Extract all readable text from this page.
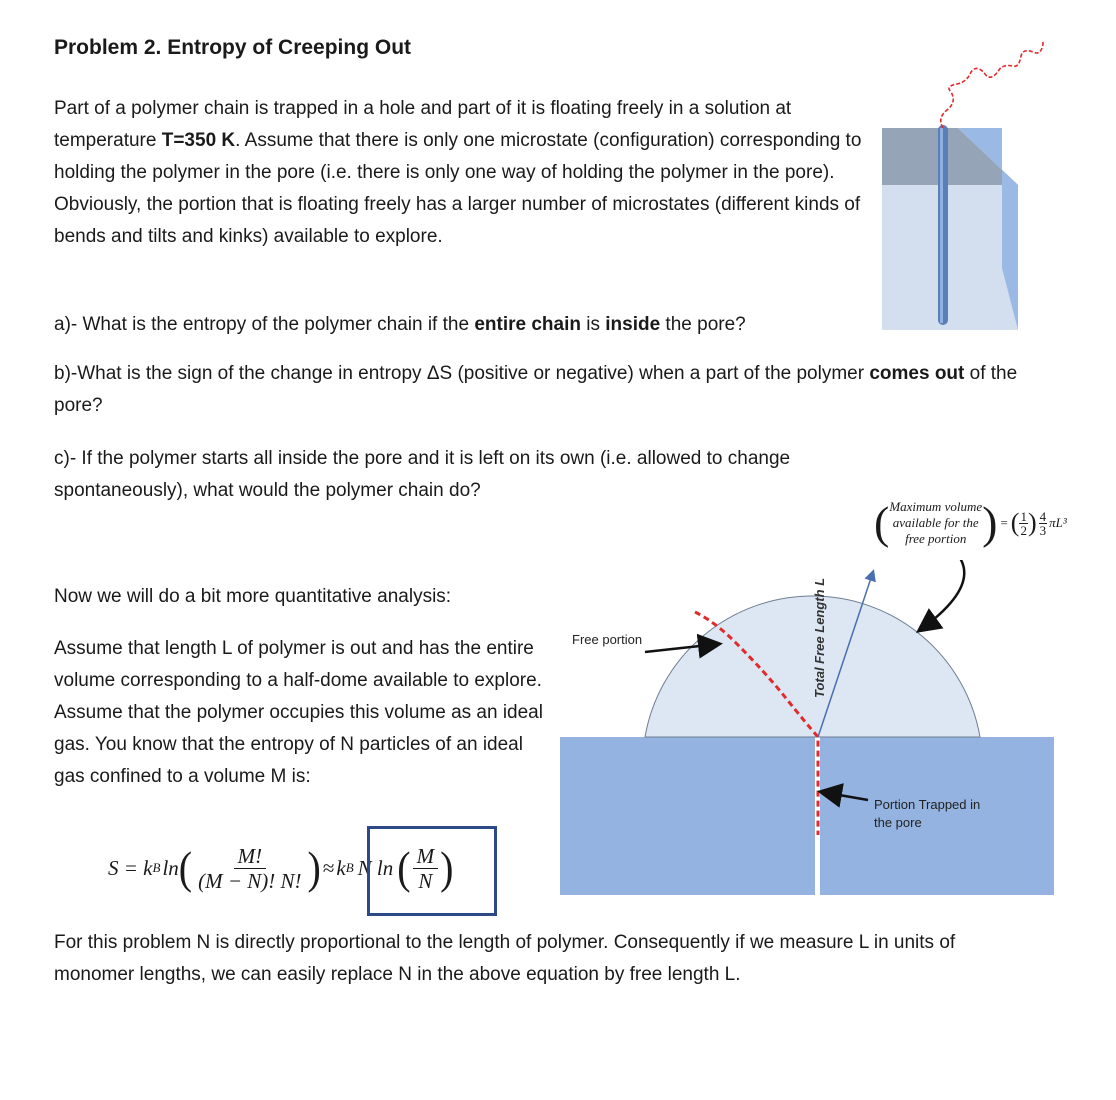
Problem 2. Entropy of Creeping Out
Part of a polymer chain is trapped in a hole and part of it is floating freely in a solution at temperature T=350 K. Assume that there is only one microstate (configuration) corresponding to holding the polymer in the pore (i.e. there is only one way of holding the polymer in the pore). Obviously, the portion that is floating freely has a larger number of microstates (different kinds of bends and tilts and kinks) available to explore.
a)- What is the entropy of the polymer chain if the entire chain is inside the pore?
b)-What is the sign of the change in entropy ΔS (positive or negative) when a part of the polymer comes out of the pore?
c)- If the polymer starts all inside the pore and it is left on its own (i.e. allowed to change spontaneously), what would the polymer chain do?
Now we will do a bit more quantitative analysis:
Assume that length L of polymer is out and has the entire volume corresponding to a half-dome available to explore. Assume that the polymer occupies this volume as an ideal gas. You know that the entropy of N particles of an ideal gas confined to a volume M is:
S = k B ln ( $\frac{M!}{(M - N)! N!}$ ) ≈ k B N ln ( $\frac{M}{N}$ )
For this problem N is directly proportional to the length of polymer. Consequently if we measure L in units of monomer lengths, we can easily replace N in the above equation by free length L.
Free portion	Total Free Length L
Portion Trapped in
the pore
( Maximum volume
available for the
free portion ) = ( 1
2 ) 4
3 πL³
